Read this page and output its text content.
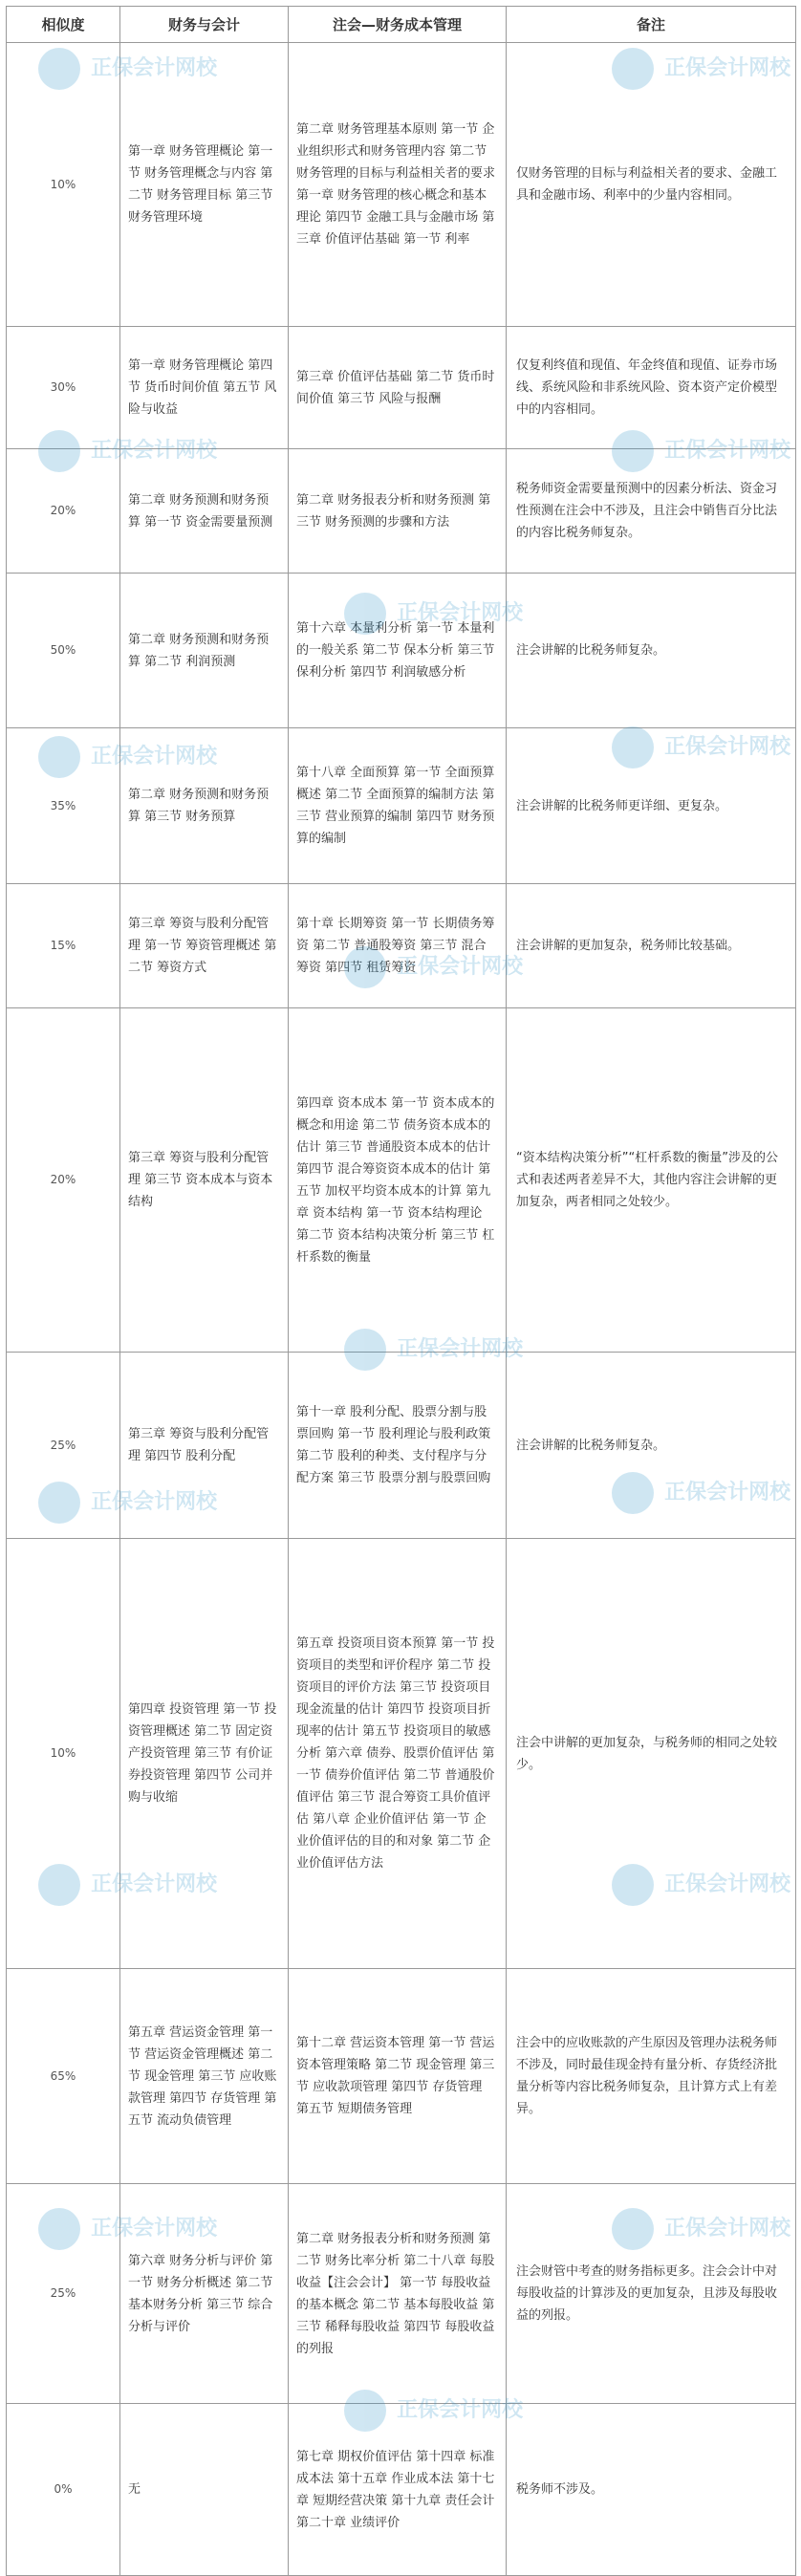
相似度	财务与会计	注会—财务成本管理	备注
10%	第一章 财务管理概论 第一节 财务管理概念与内容 第二节 财务管理目标 第三节 财务管理环境	第二章 财务管理基本原则 第一节 企业组织形式和财务管理内容 第二节 财务管理的目标与利益相关者的要求 第一章 财务管理的核心概念和基本理论 第四节 金融工具与金融市场 第三章 价值评估基础 第一节 利率	仅财务管理的目标与利益相关者的要求、金融工具和金融市场、利率中的少量内容相同。
30%	第一章 财务管理概论 第四节 货币时间价值 第五节 风险与收益	第三章 价值评估基础 第二节 货币时间价值 第三节 风险与报酬	仅复利终值和现值、年金终值和现值、证券市场线、系统风险和非系统风险、资本资产定价模型中的内容相同。
20%	第二章 财务预测和财务预算 第一节 资金需要量预测	第二章 财务报表分析和财务预测 第三节 财务预测的步骤和方法	税务师资金需要量预测中的因素分析法、资金习性预测在注会中不涉及，且注会中销售百分比法的内容比税务师复杂。
50%	第二章 财务预测和财务预算 第二节 利润预测	第十六章 本量利分析 第一节 本量利的一般关系 第二节 保本分析 第三节 保利分析 第四节 利润敏感分析	注会讲解的比税务师复杂。
35%	第二章 财务预测和财务预算 第三节 财务预算	第十八章 全面预算 第一节 全面预算概述 第二节 全面预算的编制方法 第三节 营业预算的编制 第四节 财务预算的编制	注会讲解的比税务师更详细、更复杂。
15%	第三章 筹资与股利分配管理 第一节 筹资管理概述 第二节 筹资方式	第十章 长期筹资 第一节 长期债务筹资 第二节 普通股筹资 第三节 混合筹资 第四节 租赁筹资	注会讲解的更加复杂，税务师比较基础。
20%	第三章 筹资与股利分配管理 第三节 资本成本与资本结构	第四章 资本成本 第一节 资本成本的概念和用途 第二节 债务资本成本的估计 第三节 普通股资本成本的估计 第四节 混合筹资资本成本的估计 第五节 加权平均资本成本的计算 第九章 资本结构 第一节 资本结构理论 第二节 资本结构决策分析 第三节 杠杆系数的衡量	“资本结构决策分析”“杠杆系数的衡量”涉及的公式和表述两者差异不大，其他内容注会讲解的更加复杂，两者相同之处较少。
25%	第三章 筹资与股利分配管理 第四节 股利分配	第十一章 股利分配、股票分割与股票回购 第一节 股利理论与股利政策 第二节 股利的种类、支付程序与分配方案 第三节 股票分割与股票回购	注会讲解的比税务师复杂。
10%	第四章 投资管理 第一节 投资管理概述 第二节 固定资产投资管理 第三节 有价证券投资管理 第四节 公司并购与收缩	第五章 投资项目资本预算 第一节 投资项目的类型和评价程序 第二节 投资项目的评价方法 第三节 投资项目现金流量的估计 第四节 投资项目折现率的估计 第五节 投资项目的敏感分析 第六章 债券、股票价值评估 第一节 债券价值评估 第二节 普通股价值评估 第三节 混合筹资工具价值评估 第八章 企业价值评估 第一节 企业价值评估的目的和对象 第二节 企业价值评估方法	注会中讲解的更加复杂，与税务师的相同之处较少。
65%	第五章 营运资金管理 第一节 营运资金管理概述 第二节 现金管理 第三节 应收账款管理 第四节 存货管理 第五节 流动负债管理	第十二章 营运资本管理 第一节 营运资本管理策略 第二节 现金管理 第三节 应收款项管理 第四节 存货管理 第五节 短期债务管理	注会中的应收账款的产生原因及管理办法税务师不涉及，同时最佳现金持有量分析、存货经济批量分析等内容比税务师复杂，且计算方式上有差异。
25%	第六章 财务分析与评价 第一节 财务分析概述 第二节 基本财务分析 第三节 综合分析与评价	第二章 财务报表分析和财务预测 第二节 财务比率分析 第二十八章 每股收益【注会会计】 第一节 每股收益的基本概念 第二节 基本每股收益 第三节 稀释每股收益 第四节 每股收益的列报	注会财管中考查的财务指标更多。注会会计中对每股收益的计算涉及的更加复杂，且涉及每股收益的列报。
0%	无	第七章 期权价值评估 第十四章 标准成本法 第十五章 作业成本法 第十七章 短期经营决策 第十九章 责任会计 第二十章 业绩评价	税务师不涉及。
正保会计网校	正保会计网校
正保会计网校	正保会计网校
正保会计网校
正保会计网校	正保会计网校
正保会计网校
正保会计网校
正保会计网校	正保会计网校
正保会计网校	正保会计网校
正保会计网校	正保会计网校
正保会计网校
